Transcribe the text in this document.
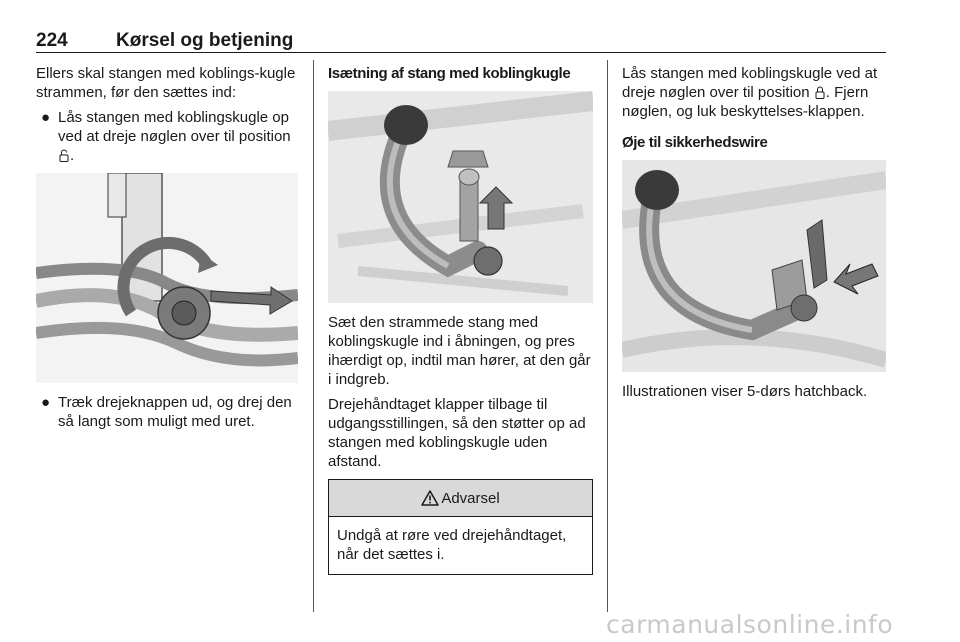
224	Kørsel og betjening

Ellers skal stangen med koblings-kugle strammen, før den sættes ind:

● Lås stangen med koblingskugle op ved at dreje nøglen over til position .
● Træk drejeknappen ud, og drej den så langt som muligt med uret.

Isætning af stang med koblingkugle

Sæt den strammede stang med koblingskugle ind i åbningen, og pres ihærdigt op, indtil man hører, at den går i indgreb.

Drejehåndtaget klapper tilbage til udgangsstillingen, så den støtter op ad stangen med koblingskugle uden afstand.

Advarsel
Undgå at røre ved drejehåndtaget, når det sættes i.

Lås stangen med koblingskugle ved at dreje nøglen over til position . Fjern nøglen, og luk beskyttelses-klappen.

Øje til sikkerhedswire

Illustrationen viser 5-dørs hatchback.

carmanualsonline.info
